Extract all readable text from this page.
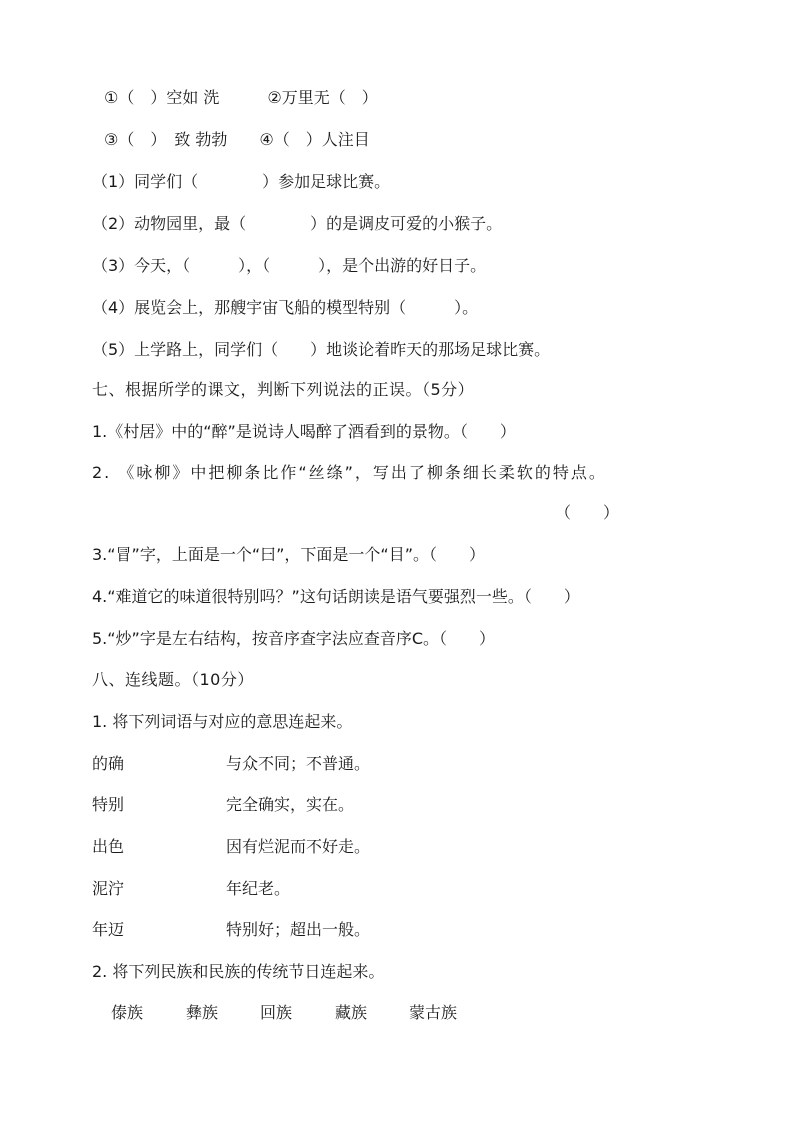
①（　）空如 洗　　　②万里无（　）
③（　）　致 勃勃　　④（　）人注目
（1）同学们（　　　　）参加足球比赛。
（2）动物园里，最（　　　　）的是调皮可爱的小猴子。
（3）今天，（　　　），（　　　），是个出游的好日子。
（4）展览会上，那艘宇宙飞船的模型特别（　　　）。
（5）上学路上，同学们（　　）地谈论着昨天的那场足球比赛。
七、根据所学的课文，判断下列说法的正误。（5分）
1.《村居》中的“醉”是说诗人喝醉了酒看到的景物。（　　）
2. 《咏柳》中把柳条比作“丝绦”，写出了柳条细长柔软的特点。
（　　）
3.“冒”字，上面是一个“曰”，下面是一个“目”。（　　）
4.“难道它的味道很特别吗？”这句话朗读是语气要强烈一些。（　　）
5.“炒”字是左右结构，按音序查字法应查音序C。（　　）
八、连线题。（10分）
1. 将下列词语与对应的意思连起来。
的确	与众不同；不普通。
特别	完全确实，实在。
出色	因有烂泥而不好走。
泥泞	年纪老。
年迈	特别好；超出一般。
2. 将下列民族和民族的传统节日连起来。
傣族	彝族	回族	藏族	蒙古族
